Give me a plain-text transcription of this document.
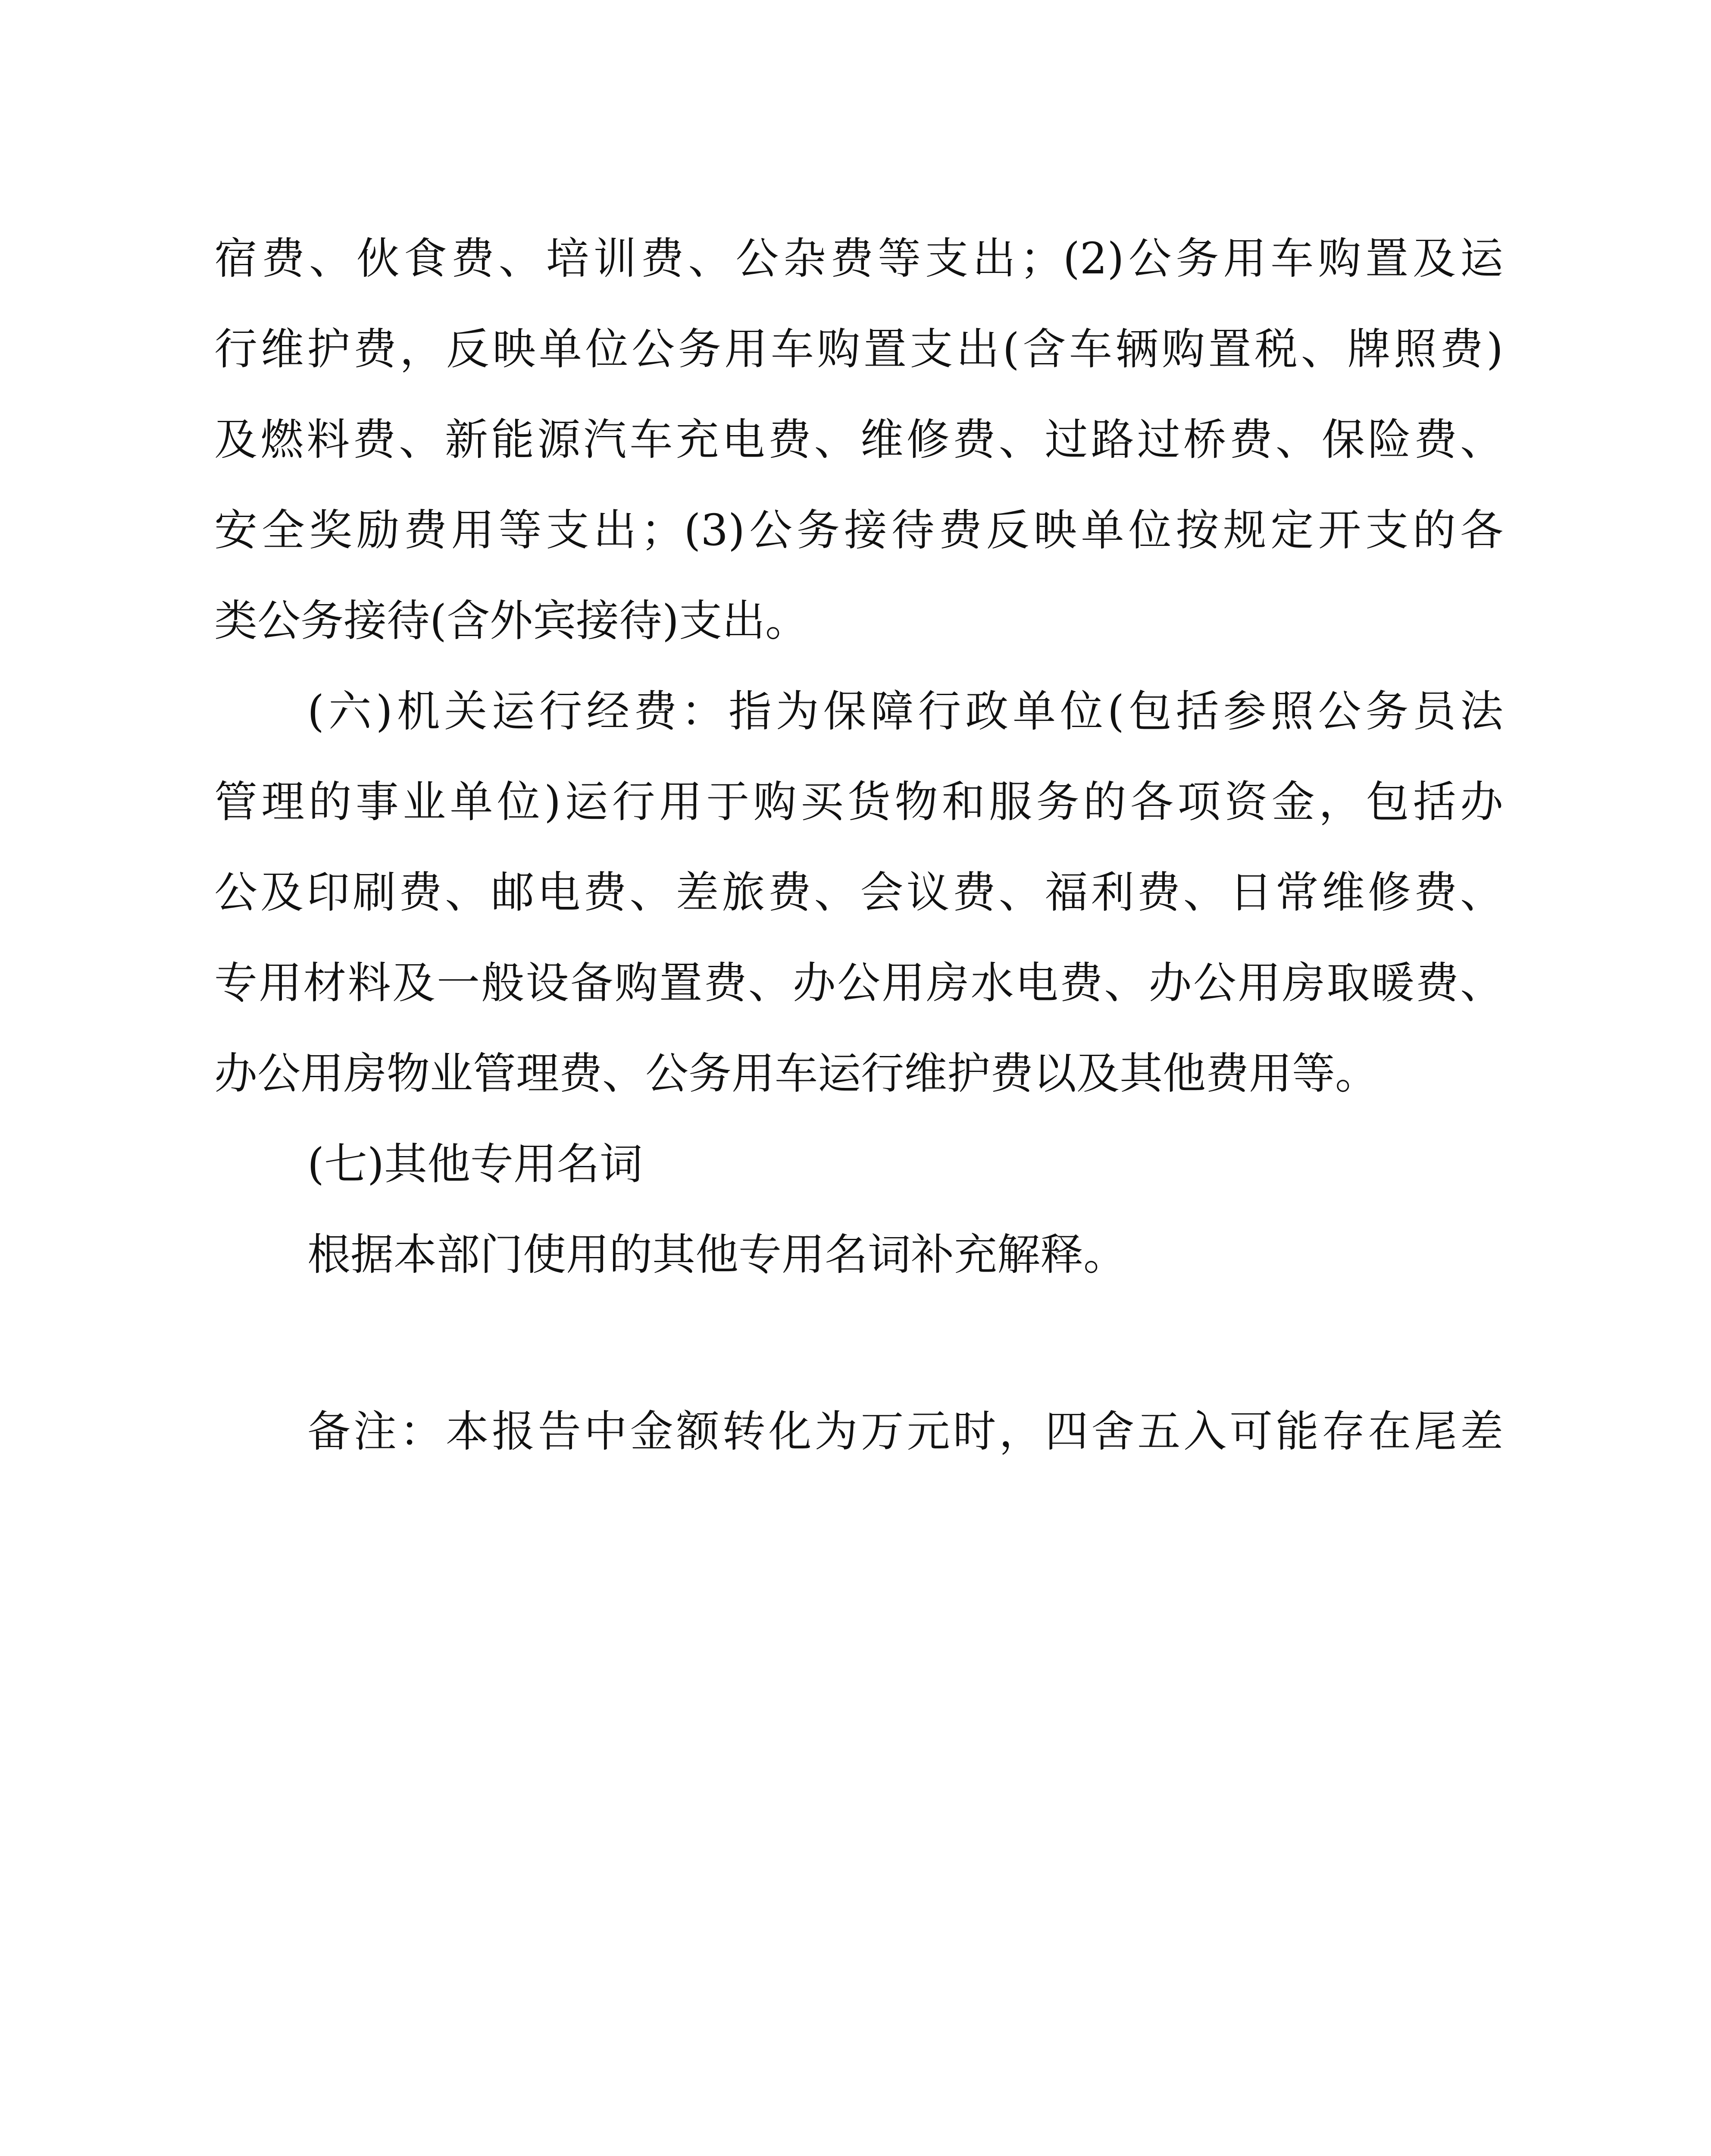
宿费、伙食费、培训费、公杂费等支出；(2)公务用车购置及运
行维护费，反映单位公务用车购置支出(含车辆购置税、牌照费)
及燃料费、新能源汽车充电费、维修费、过路过桥费、保险费、
安全奖励费用等支出；(3)公务接待费反映单位按规定开支的各
类公务接待(含外宾接待)支出。
(六)机关运行经费：指为保障行政单位(包括参照公务员法
管理的事业单位)运行用于购买货物和服务的各项资金，包括办
公及印刷费、邮电费、差旅费、会议费、福利费、日常维修费、
专用材料及一般设备购置费、办公用房水电费、办公用房取暖费、
办公用房物业管理费、公务用车运行维护费以及其他费用等。
(七)其他专用名词
根据本部门使用的其他专用名词补充解释。
备注：本报告中金额转化为万元时，四舍五入可能存在尾差
